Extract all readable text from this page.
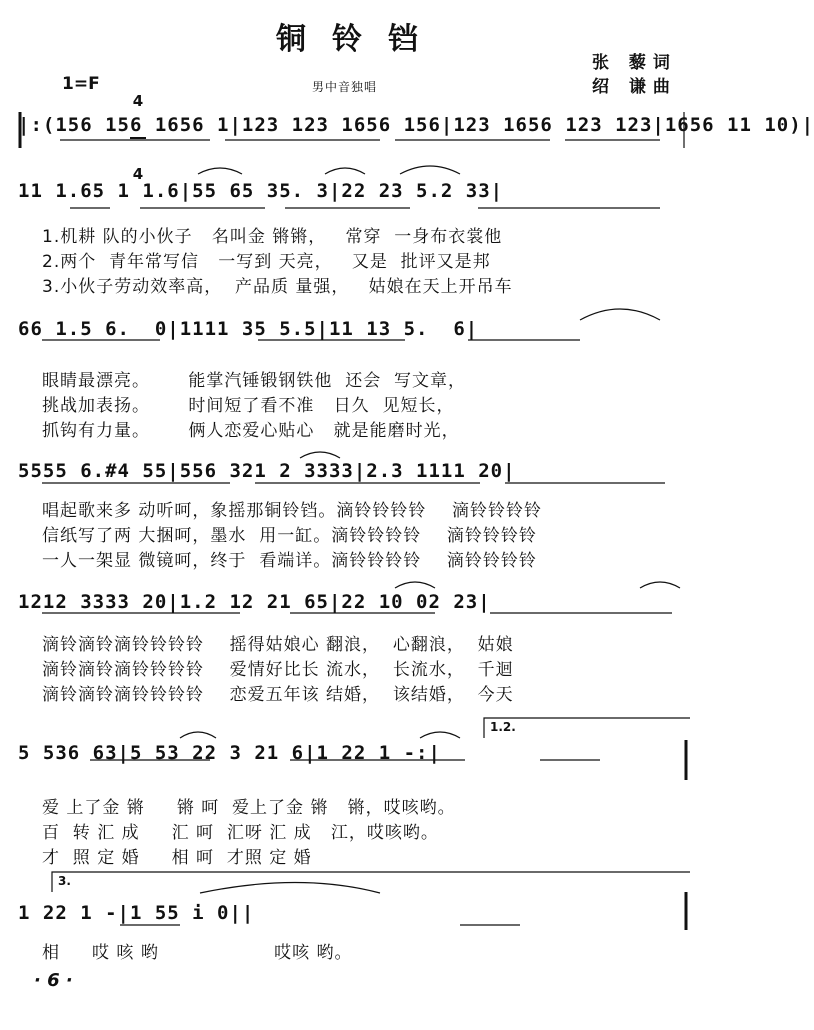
铜铃铛
张 藜词
绍 谦曲
1=F

4

4

男中音独唱
|:(156 156 1656 1|123 123 1656 156|123 1656 123 123|1656 11 10)|
11 1.65 1 1.6|55 65 35. 3|22 23 5.2 33|
66 1.5 6.  0|1111 35 5.5|11 13 5.  6|
5555 6.#4 55|556 321 2 3333|2.3 1111 20|
1212 3333 20|1.2 12 21 65|22 10 02 23|
5 536 63|5 53 22 3 21 6|1 22 1 -:|
1 22 1 -|1 55 i 0||
1.2.
3.
1.机耕 队的小伙子   名叫金 锵锵，   常穿  一身布衣裳他
2.两个  青年常写信   一写到 天亮，   又是  批评又是邦
3.小伙子劳动效率高，  产品质 量强，   姑娘在天上开吊车
眼睛最漂亮。      能掌汽锤锻钢铁他  还会  写文章，
挑战加表扬。      时间短了看不准   日久  见短长，
抓钩有力量。      俩人恋爱心贴心   就是能磨时光，
唱起歌来多 动听呵，象摇那铜铃铛。滴铃铃铃铃    滴铃铃铃铃
信纸写了两 大捆呵，墨水  用一缸。滴铃铃铃铃    滴铃铃铃铃
一人一架显 微镜呵，终于  看端详。滴铃铃铃铃    滴铃铃铃铃
滴铃滴铃滴铃铃铃铃    摇得姑娘心 翻浪，  心翻浪，  姑娘
滴铃滴铃滴铃铃铃铃    爱情好比长 流水，  长流水，  千迴
滴铃滴铃滴铃铃铃铃    恋爱五年该 结婚，  该结婚，  今天
爱 上了金 锵     锵 呵  爱上了金 锵   锵，哎咳哟。
百  转 汇 成     汇 呵  汇呀 汇 成   江，哎咳哟。
才  照 定 婚     相 呵  才照 定 婚
相     哎 咳 哟                  哎咳 哟。
· 6 ·
